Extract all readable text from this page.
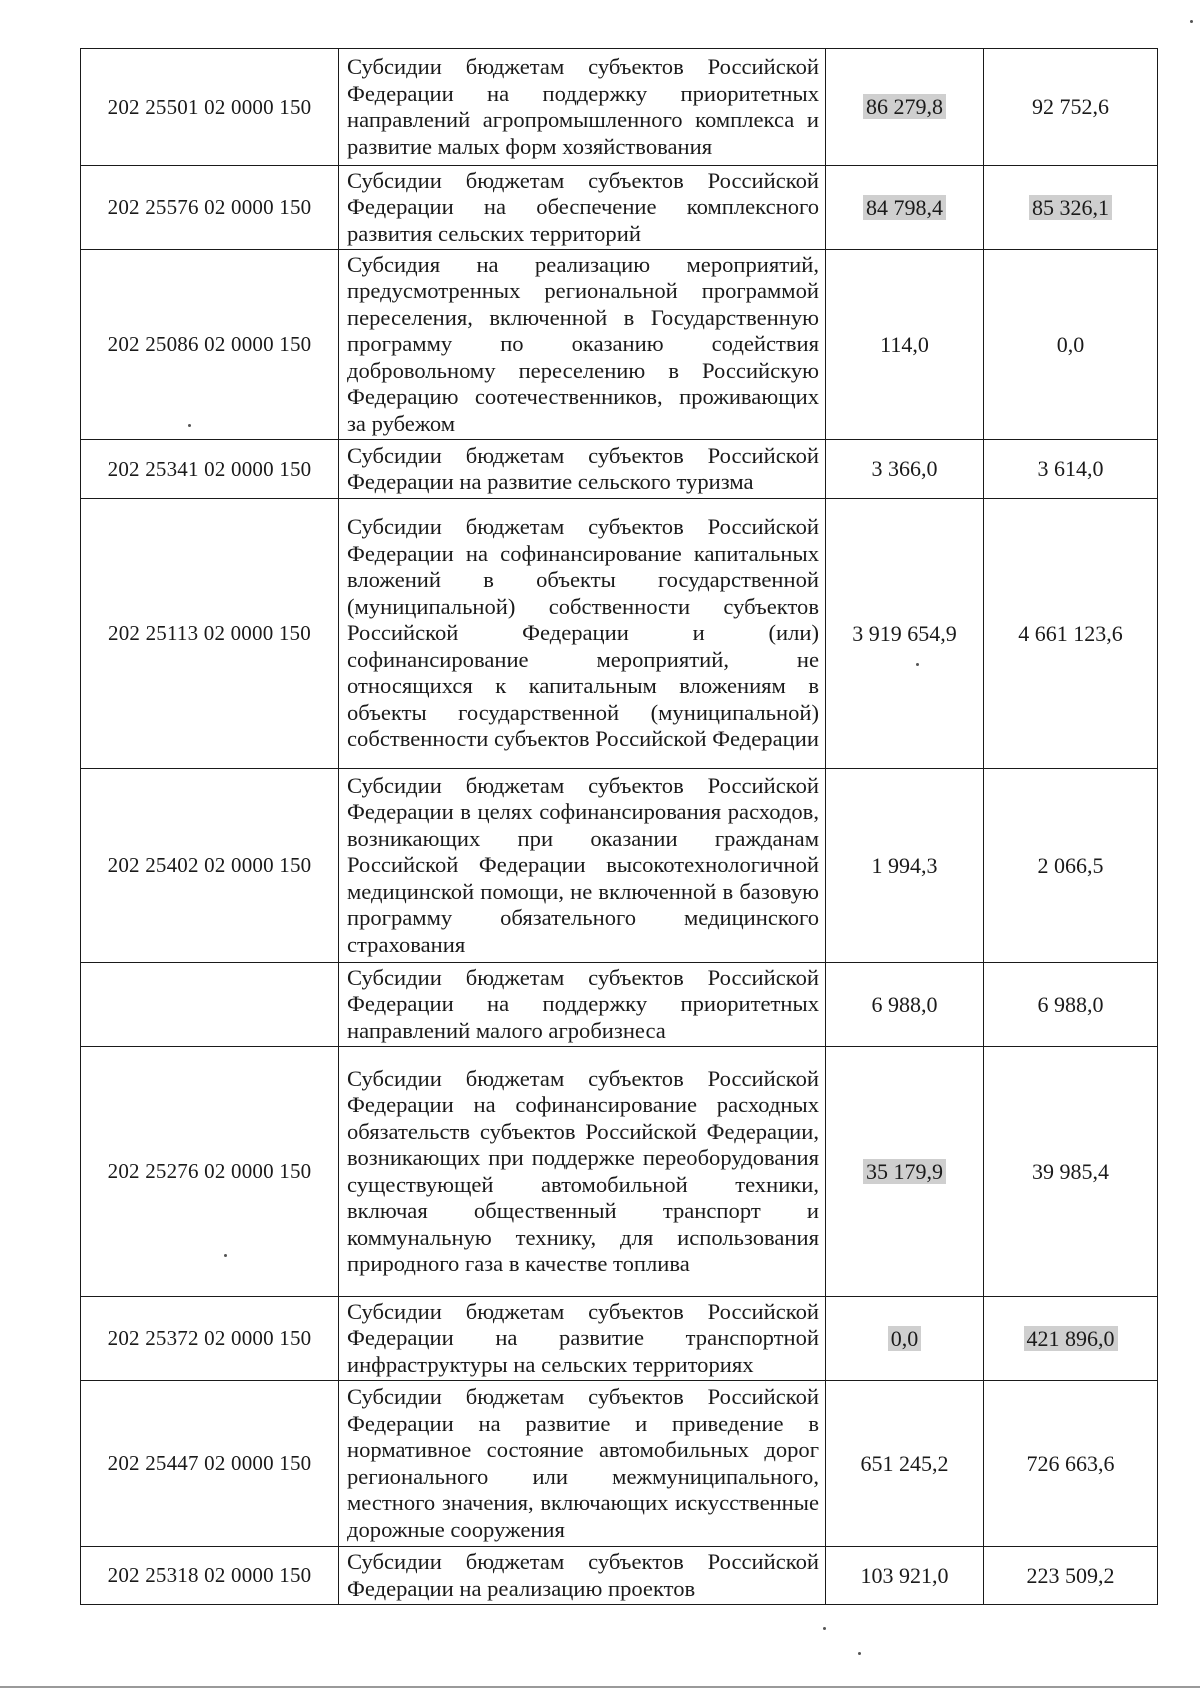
202 25501 02 0000 150	Субсидии бюджетам субъектов Российской Федерации на поддержку приоритетных направлений агропромышленного комплекса и развитие малых форм хозяйствования	86 279,8	92 752,6
202 25576 02 0000 150	Субсидии бюджетам субъектов Российской Федерации на обеспечение комплексного развития сельских территорий	84 798,4	85 326,1
202 25086 02 0000 150	Субсидия на реализацию мероприятий, предусмотренных региональной программой переселения, включенной в Государственную программу по оказанию содействия добровольному переселению в Российскую Федерацию соотечественников, проживающих за рубежом	114,0	0,0
202 25341 02 0000 150	Субсидии бюджетам субъектов Российской Федерации на развитие сельского туризма	3 366,0	3 614,0
202 25113 02 0000 150	Субсидии бюджетам субъектов Российской Федерации на софинансирование капитальных вложений в объекты государственной (муниципальной) собственности субъектов Российской Федерации и (или) софинансирование мероприятий, не относящихся к капитальным вложениям в объекты государственной (муниципальной) собственности субъектов Российской Федерации	3 919 654,9	4 661 123,6
202 25402 02 0000 150	Субсидии бюджетам субъектов Российской Федерации в целях софинансирования расходов, возникающих при оказании гражданам Российской Федерации высокотехнологичной медицинской помощи, не включенной в базовую программу обязательного медицинского страхования	1 994,3	2 066,5
	Субсидии бюджетам субъектов Российской Федерации на поддержку приоритетных направлений малого агробизнеса	6 988,0	6 988,0
202 25276 02 0000 150	Субсидии бюджетам субъектов Российской Федерации на софинансирование расходных обязательств субъектов Российской Федерации, возникающих при поддержке переоборудования существующей автомобильной техники, включая общественный транспорт и коммунальную технику, для использования природного газа в качестве топлива	35 179,9	39 985,4
202 25372 02 0000 150	Субсидии бюджетам субъектов Российской Федерации на развитие транспортной инфраструктуры на сельских территориях	0,0	421 896,0
202 25447 02 0000 150	Субсидии бюджетам субъектов Российской Федерации на развитие и приведение в нормативное состояние автомобильных дорог регионального или межмуниципального, местного значения, включающих искусственные дорожные сооружения	651 245,2	726 663,6
202 25318 02 0000 150	Субсидии бюджетам субъектов Российской Федерации на реализацию проектов	103 921,0	223 509,2
